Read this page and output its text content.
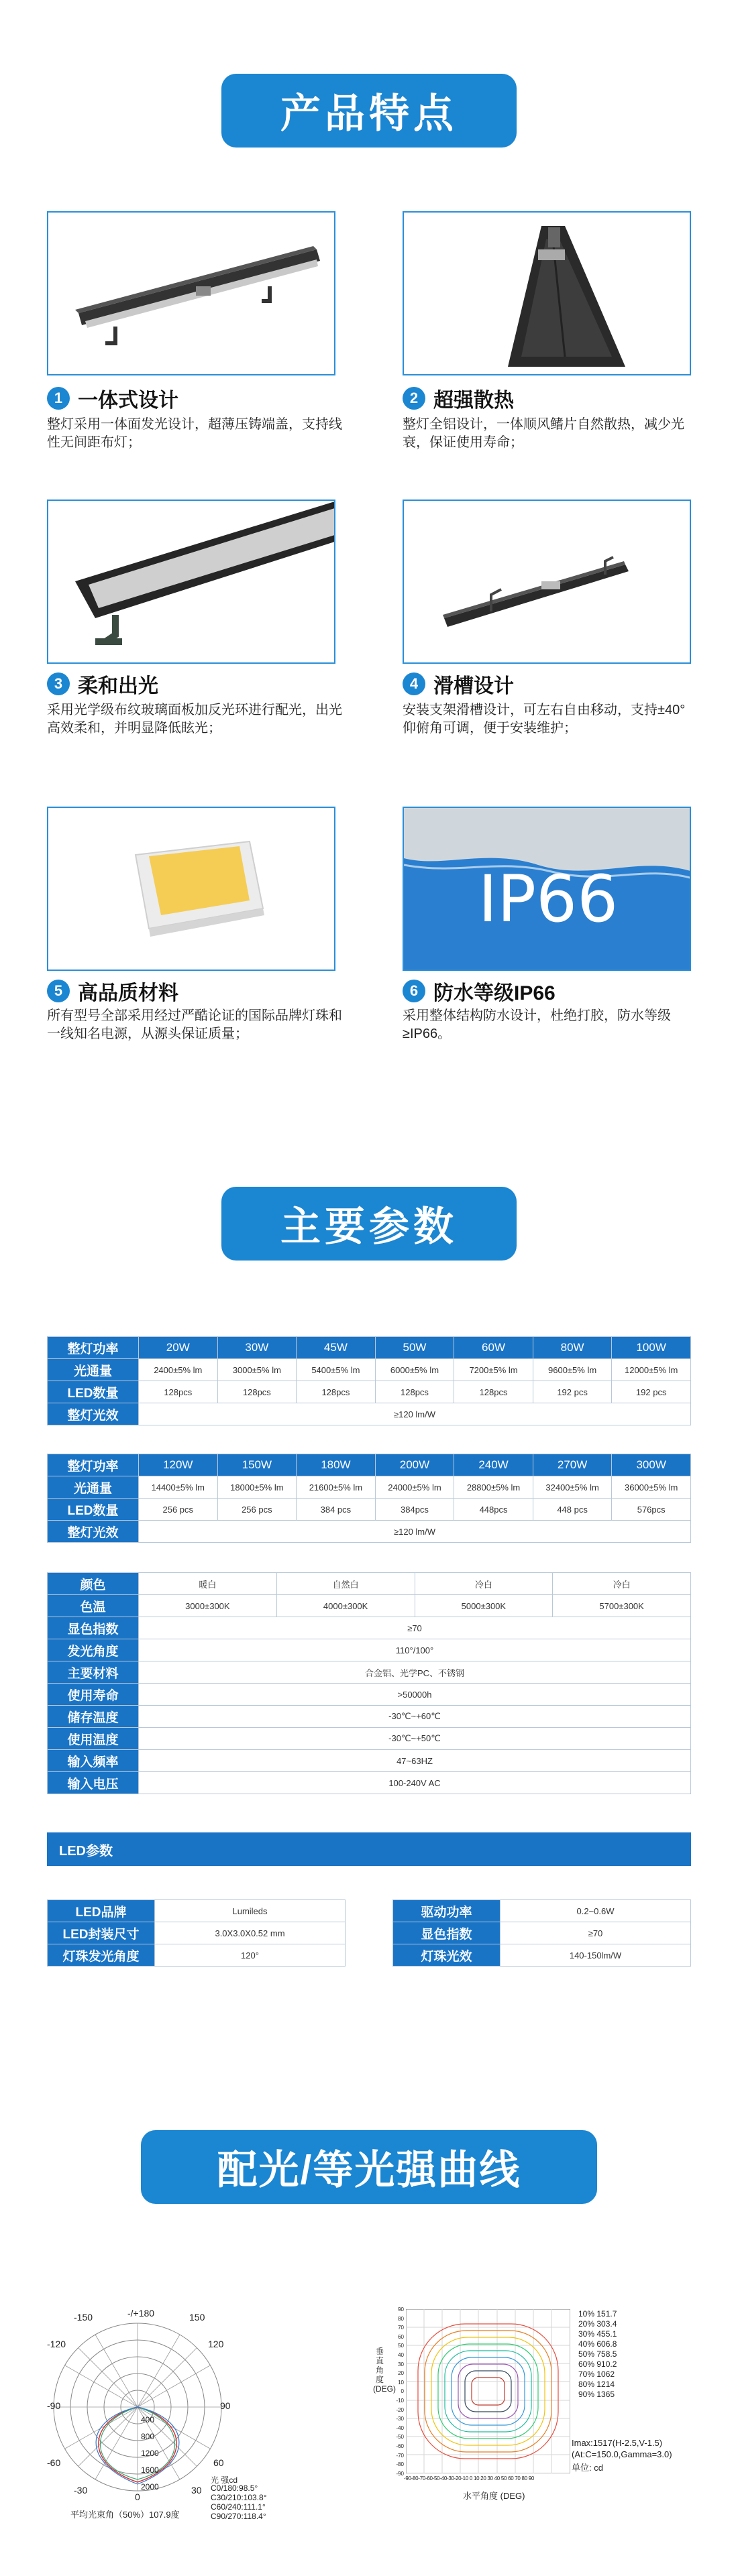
产品特点
1 一体式设计
整灯采用一体面发光设计，超薄压铸端盖，支持线性无间距布灯；
2 超强散热
整灯全铝设计，一体顺风鳍片自然散热，减少光衰，保证使用寿命；
3 柔和出光
采用光学级布纹玻璃面板加反光环进行配光，出光高效柔和，并明显降低眩光；
4 滑槽设计
安装支架滑槽设计，可左右自由移动，支持±40°仰俯角可调，便于安装维护；
5 高品质材料
所有型号全部采用经过严酷论证的国际品牌灯珠和一线知名电源，从源头保证质量；
IP66
6 防水等级IP66
采用整体结构防水设计，杜绝打胶，防水等级≥IP66。
主要参数
整灯功率	20W	30W	45W	50W	60W	80W	100W
光通量	2400±5% lm	3000±5% lm	5400±5% lm	6000±5% lm	7200±5% lm	9600±5% lm	12000±5% lm
LED数量	128pcs	128pcs	128pcs	128pcs	128pcs	192 pcs	192 pcs
整灯光效	≥120 lm/W						
整灯功率	120W	150W	180W	200W	240W	270W	300W
光通量	14400±5% lm	18000±5% lm	21600±5% lm	24000±5% lm	28800±5% lm	32400±5% lm	36000±5% lm
LED数量	256 pcs	256 pcs	384 pcs	384pcs	448pcs	448 pcs	576pcs
整灯光效	≥120 lm/W						
颜色	暖白	自然白	冷白	冷白
色温	3000±300K	4000±300K	5000±300K	5700±300K
显色指数	≥70			
发光角度	110°/100°			
主要材料	合金铝、光学PC、不锈钢			
使用寿命	>50000h			
储存温度	-30℃~+60℃			
使用温度	-30℃~+50℃			
输入频率	47~63HZ			
输入电压	100-240V AC			
LED参数
LED品牌	Lumileds
LED封装尺寸	3.0X3.0X0.52 mm
灯珠发光角度	120°
驱动功率	0.2~0.6W
显色指数	≥70
灯珠光效	140-150lm/W
配光/等光强曲线
-150	-/+180	150
-120
-90
-60
-30
120
90
60
30
0
400
800
1200
1600
2000
光 强cd
C0/180:98.5°
C30/210:103.8°
C60/240:111.1°
C90/270:118.4°
平均光束角（50%）107.9度
垂直角度 (DEG)
90
80
70
60
50
40
30
20
10
0
-10
-20
-30
-40
-50
-60
-70
-80
-90
-90-80-70-60-50-40-30-20-10 0 10 20 30 40 50 60 70 80 90
水平角度 (DEG)
10% 151.7
20% 303.4
30% 455.1
40% 606.8
50% 758.5
60% 910.2
70% 1062
80% 1214
90% 1365
Imax:1517(H-2.5,V-1.5)
(At:C=150.0,Gamma=3.0)
单位: cd
